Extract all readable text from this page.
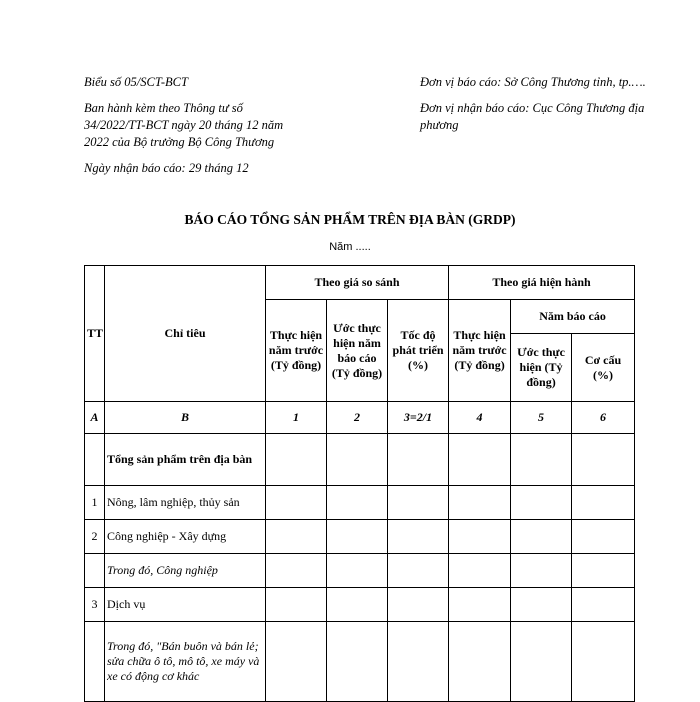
Biểu số 05/SCT-BCT

Ban hành kèm theo Thông tư số 34/2022/TT-BCT ngày 20 tháng 12 năm 2022 của Bộ trưởng Bộ Công Thương

Ngày nhận báo cáo: 29 tháng 12

Đơn vị báo cáo: Sở Công Thương tỉnh, tp.….

Đơn vị nhận báo cáo: Cục Công Thương địa phương

BÁO CÁO TỔNG SẢN PHẨM TRÊN ĐỊA BÀN (GRDP)
Năm .....
TT	Chỉ tiêu	Theo giá so sánh			Theo giá hiện hành		
		Thực hiện năm trước (Tỷ đồng)	Ước thực hiện năm báo cáo (Tỷ đồng)	Tốc độ phát triển (%)	Thực hiện năm trước (Tỷ đồng)	Năm báo cáo	
						Ước thực hiện (Tỷ đồng)	Cơ cấu (%)
A	B	1	2	3=2/1	4	5	6
	Tổng sản phẩm trên địa bàn						
1	Nông, lâm nghiệp, thủy sản						
2	Công nghiệp - Xây dựng						
	Trong đó, Công nghiệp						
3	Dịch vụ						
	Trong đó, "Bán buôn và bán lẻ; sửa chữa ô tô, mô tô, xe máy và xe có động cơ khác						
